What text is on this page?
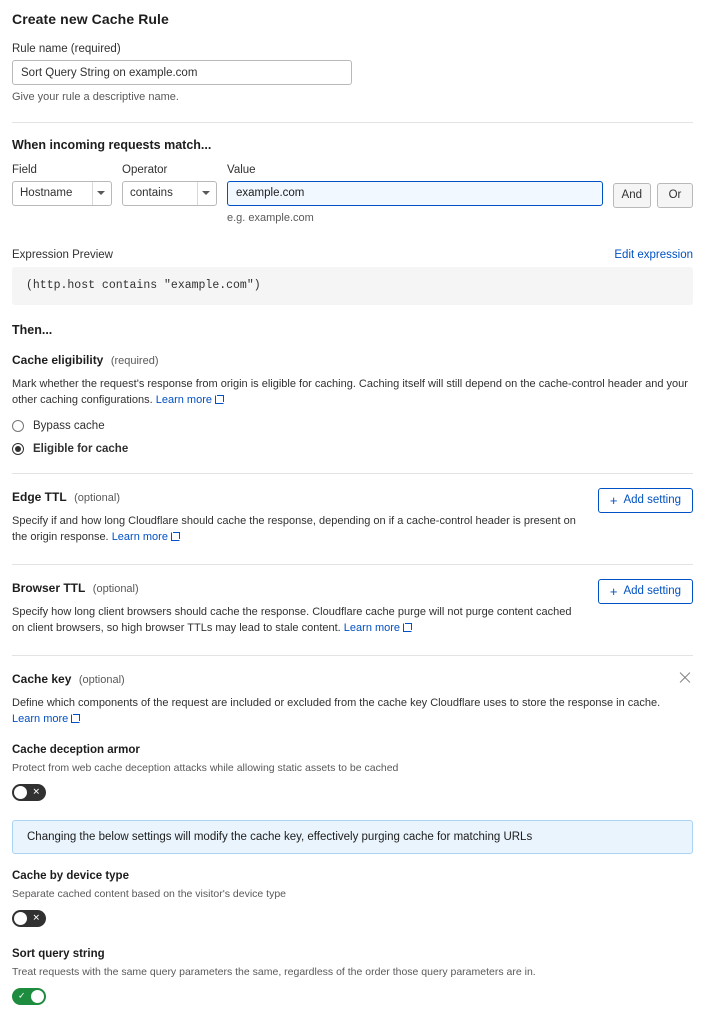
Create new Cache Rule
Rule name (required)
Sort Query String on example.com
Give your rule a descriptive name.
When incoming requests match...
Field
Hostname
Operator
contains
Value
example.com
e.g. example.com
And	Or
Expression Preview	Edit expression
(http.host contains "example.com")
Then...
Cache eligibility (required)

Mark whether the request's response from origin is eligible for caching. Caching itself will still depend on the cache-control header and your other caching configurations. Learn more

Bypass cache
Eligible for cache
Edge TTL (optional)

Specify if and how long Cloudflare should cache the response, depending on if a cache-control header is present on the origin response. Learn more

+ Add setting
Browser TTL (optional)

Specify how long client browsers should cache the response. Cloudflare cache purge will not purge content cached on client browsers, so high browser TTLs may lead to stale content. Learn more

+ Add setting
Cache key (optional)

Define which components of the request are included or excluded from the cache key Cloudflare uses to store the response in cache.
Learn more

Cache deception armor
Protect from web cache deception attacks while allowing static assets to be cached
✕
Changing the below settings will modify the cache key, effectively purging cache for matching URLs
Cache by device type
Separate cached content based on the visitor's device type
✕
Sort query string
Treat requests with the same query parameters the same, regardless of the order those query parameters are in.
✓
